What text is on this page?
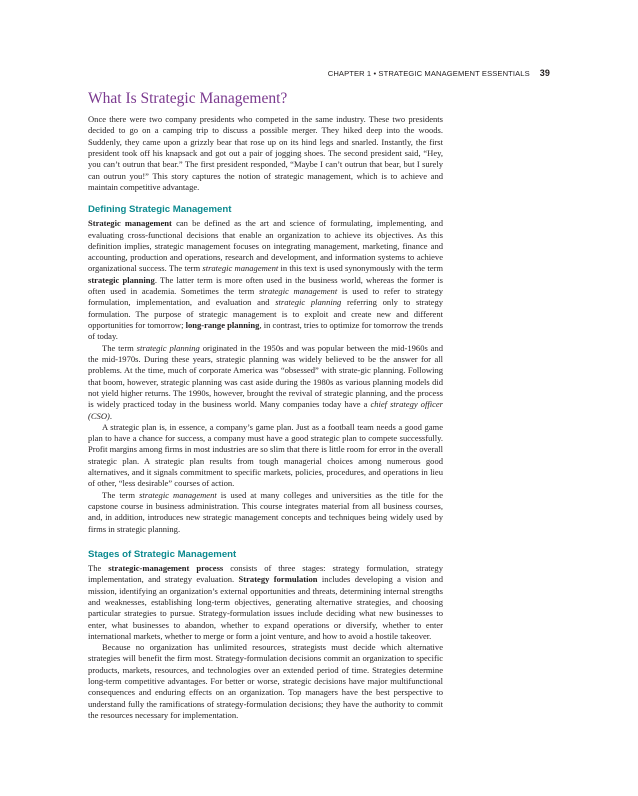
CHAPTER 1 • STRATEGIC MANAGEMENT ESSENTIALS 39
What Is Strategic Management?

Once there were two company presidents who competed in the same industry. These two presidents decided to go on a camping trip to discuss a possible merger. They hiked deep into the woods. Suddenly, they came upon a grizzly bear that rose up on its hind legs and snarled. Instantly, the first president took off his knapsack and got out a pair of jogging shoes. The second president said, “Hey, you can’t outrun that bear.” The first president responded, “Maybe I can’t outrun that bear, but I surely can outrun you!” This story captures the notion of strategic management, which is to achieve and maintain competitive advantage.

Defining Strategic Management

Strategic management can be defined as the art and science of formulating, implementing, and evaluating cross-functional decisions that enable an organization to achieve its objectives. As this definition implies, strategic management focuses on integrating management, marketing, finance and accounting, production and operations, research and development, and information systems to achieve organizational success. The term strategic management in this text is used synonymously with the term strategic planning. The latter term is more often used in the business world, whereas the former is often used in academia. Sometimes the term strategic management is used to refer to strategy formulation, implementation, and evaluation and strategic planning referring only to strategy formulation. The purpose of strategic management is to exploit and create new and different opportunities for tomorrow; long-range planning, in contrast, tries to optimize for tomorrow the trends of today.

The term strategic planning originated in the 1950s and was popular between the mid-1960s and the mid-1970s. During these years, strategic planning was widely believed to be the answer for all problems. At the time, much of corporate America was “obsessed” with strate-gic planning. Following that boom, however, strategic planning was cast aside during the 1980s as various planning models did not yield higher returns. The 1990s, however, brought the revival of strategic planning, and the process is widely practiced today in the business world. Many companies today have a chief strategy officer (CSO).

A strategic plan is, in essence, a company’s game plan. Just as a football team needs a good game plan to have a chance for success, a company must have a good strategic plan to compete successfully. Profit margins among firms in most industries are so slim that there is little room for error in the overall strategic plan. A strategic plan results from tough managerial choices among numerous good alternatives, and it signals commitment to specific markets, policies, procedures, and operations in lieu of other, “less desirable” courses of action.

The term strategic management is used at many colleges and universities as the title for the capstone course in business administration. This course integrates material from all business courses, and, in addition, introduces new strategic management concepts and techniques being widely used by firms in strategic planning.

Stages of Strategic Management

The strategic-management process consists of three stages: strategy formulation, strategy implementation, and strategy evaluation. Strategy formulation includes developing a vision and mission, identifying an organization’s external opportunities and threats, determining internal strengths and weaknesses, establishing long-term objectives, generating alternative strategies, and choosing particular strategies to pursue. Strategy-formulation issues include deciding what new businesses to enter, what businesses to abandon, whether to expand operations or diversify, whether to enter international markets, whether to merge or form a joint venture, and how to avoid a hostile takeover.

Because no organization has unlimited resources, strategists must decide which alternative strategies will benefit the firm most. Strategy-formulation decisions commit an organization to specific products, markets, resources, and technologies over an extended period of time. Strategies determine long-term competitive advantages. For better or worse, strategic decisions have major multifunctional consequences and enduring effects on an organization. Top managers have the best perspective to understand fully the ramifications of strategy-formulation decisions; they have the authority to commit the resources necessary for implementation.
